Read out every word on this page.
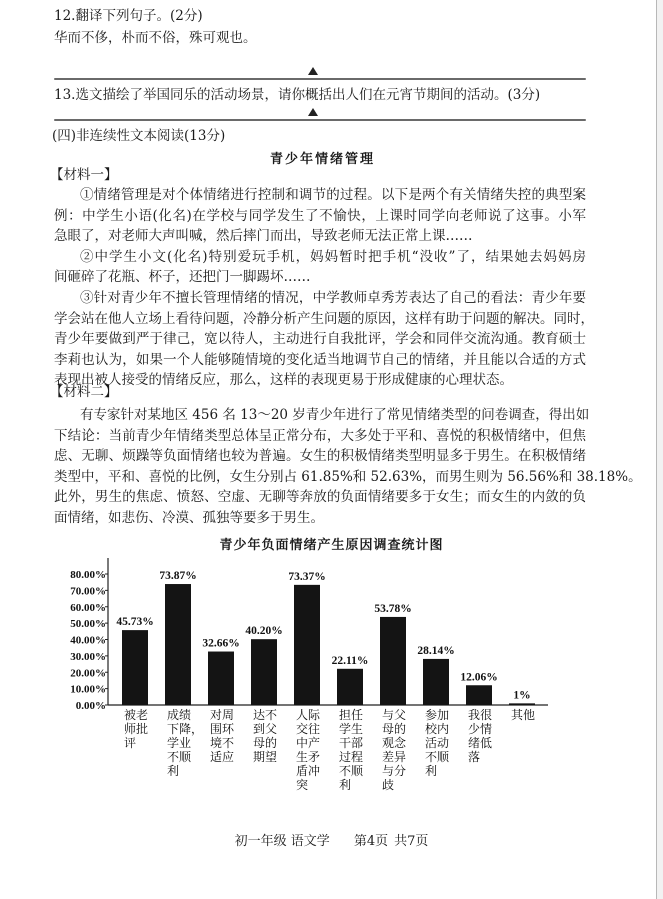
12.翻译下列句子。(2分)
华而不侈，朴而不俗，殊可观也。
13.选文描绘了举国同乐的活动场景，请你概括出人们在元宵节期间的活动。(3分)
(四)非连续性文本阅读(13分)
青少年情绪管理
【材料一】
①情绪管理是对个体情绪进行控制和调节的过程。以下是两个有关情绪失控的典型案
例：中学生小语(化名)在学校与同学发生了不愉快，上课时同学向老师说了这事。小军
急眼了，对老师大声叫喊，然后摔门而出，导致老师无法正常上课……
②中学生小文(化名)特别爱玩手机，妈妈暂时把手机“没收”了，结果她去妈妈房
间砸碎了花瓶、杯子，还把门一脚踢坏……
③针对青少年不擅长管理情绪的情况，中学教师卓秀芳表达了自己的看法：青少年要
学会站在他人立场上看待问题，冷静分析产生问题的原因，这样有助于问题的解决。同时，
青少年要做到严于律己，宽以待人，主动进行自我批评，学会和同伴交流沟通。教育硕士
李莉也认为，如果一个人能够随情境的变化适当地调节自己的情绪，并且能以合适的方式
表现出被人接受的情绪反应，那么，这样的表现更易于形成健康的心理状态。
【材料二】
有专家针对某地区 456 名 13～20 岁青少年进行了常见情绪类型的问卷调查，得出如
下结论：当前青少年情绪类型总体呈正常分布，大多处于平和、喜悦的积极情绪中，但焦
虑、无聊、烦躁等负面情绪也较为普遍。女生的积极情绪类型明显多于男生。在积极情绪
类型中，平和、喜悦的比例，女生分别占 61.85%和 52.63%，而男生则为 56.56%和 38.18%。
此外，男生的焦虑、愤怒、空虚、无聊等奔放的负面情绪要多于女生；而女生的内敛的负
面情绪，如悲伤、冷漠、孤独等要多于男生。
青少年负面情绪产生原因调查统计图
0.00%
10.00%
20.00%
30.00%
40.00%
50.00%
60.00%
70.00%
80.00%
45.73%
被老
师批
评
73.87%
成绩
下降，
学业
不顺
利
32.66%
对周
围环
境不
适应
40.20%
达不
到父
母的
期望
73.37%
人际
交往
中产
生矛
盾冲
突
22.11%
担任
学生
干部
过程
不顺
利
53.78%
与父
母的
观念
差异
与分
歧
28.14%
参加
校内
活动
不顺
利
12.06%
我很
少情
绪低
落
1%
其他
初一年级 语文学 第4页 共7页
